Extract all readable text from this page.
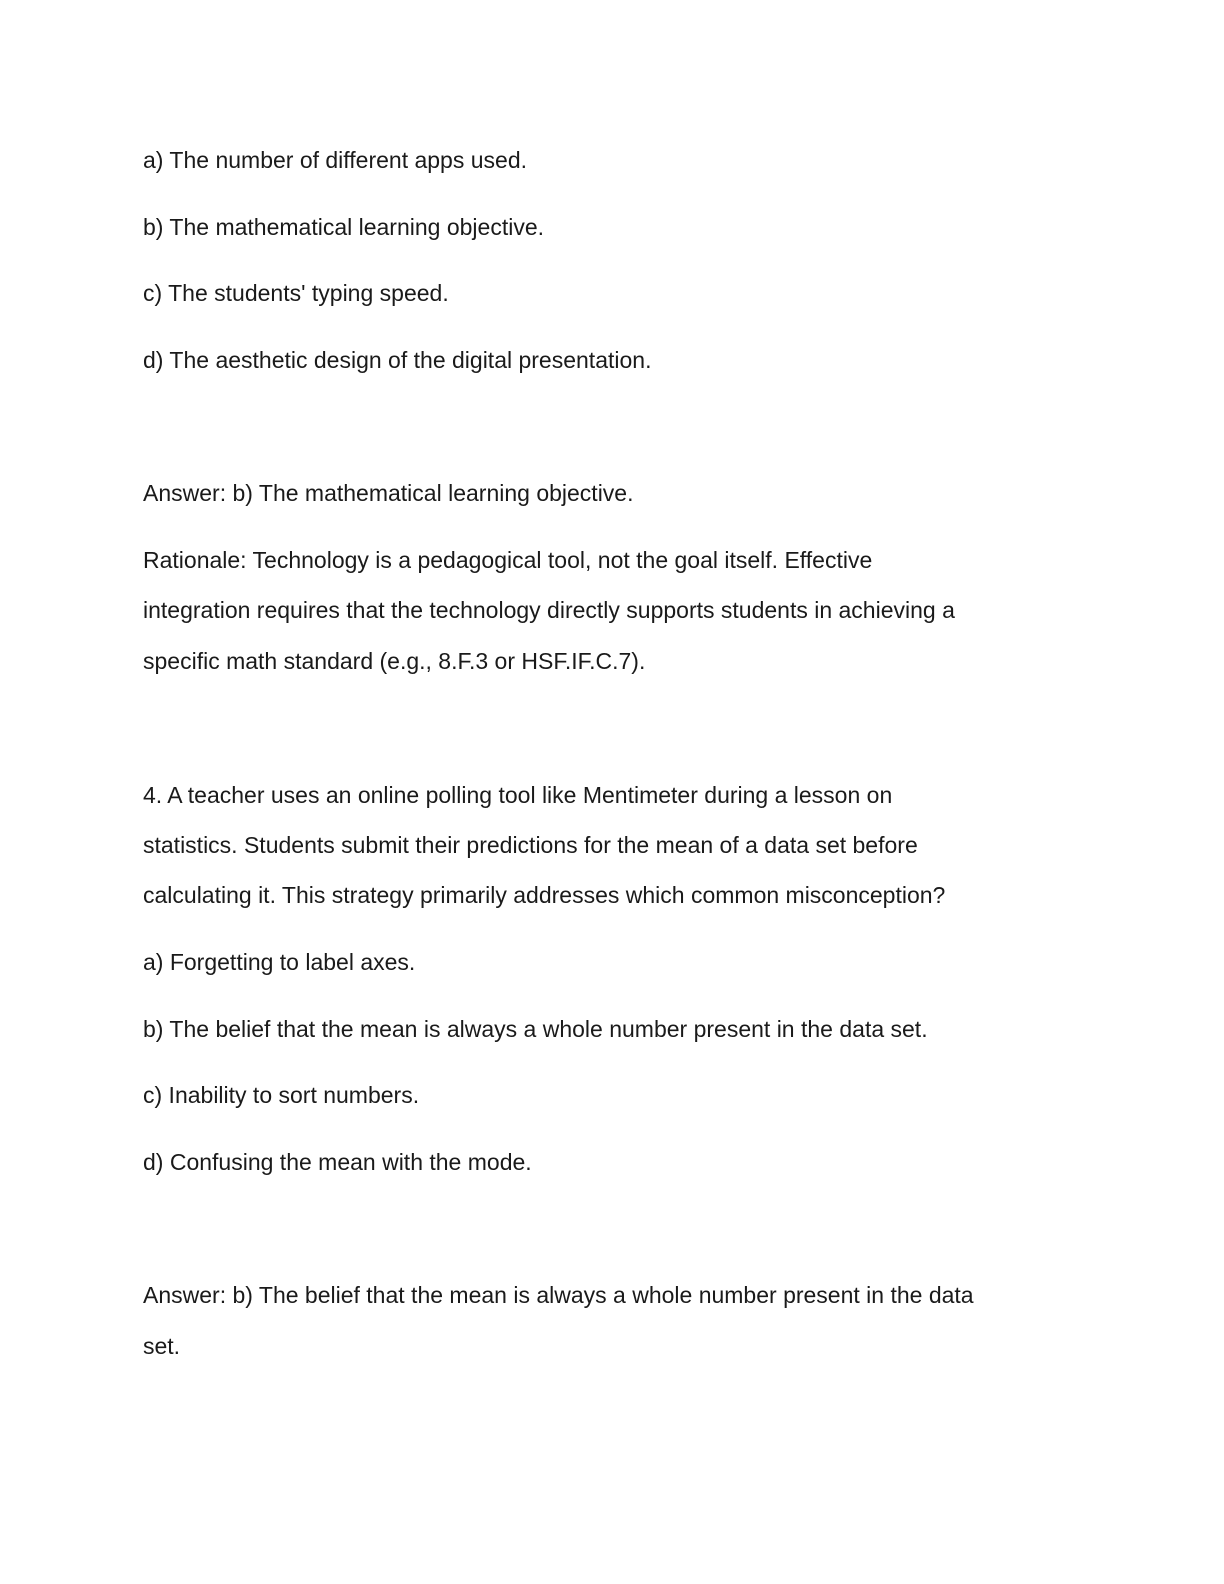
a) The number of different apps used.
b) The mathematical learning objective.
c) The students' typing speed.
d) The aesthetic design of the digital presentation.
Answer: b) The mathematical learning objective.
Rationale: Technology is a pedagogical tool, not the goal itself. Effective
integration requires that the technology directly supports students in achieving a
specific math standard (e.g., 8.F.3 or HSF.IF.C.7).
4. A teacher uses an online polling tool like Mentimeter during a lesson on
statistics. Students submit their predictions for the mean of a data set before
calculating it. This strategy primarily addresses which common misconception?
a) Forgetting to label axes.
b) The belief that the mean is always a whole number present in the data set.
c) Inability to sort numbers.
d) Confusing the mean with the mode.
Answer: b) The belief that the mean is always a whole number present in the data
set.
